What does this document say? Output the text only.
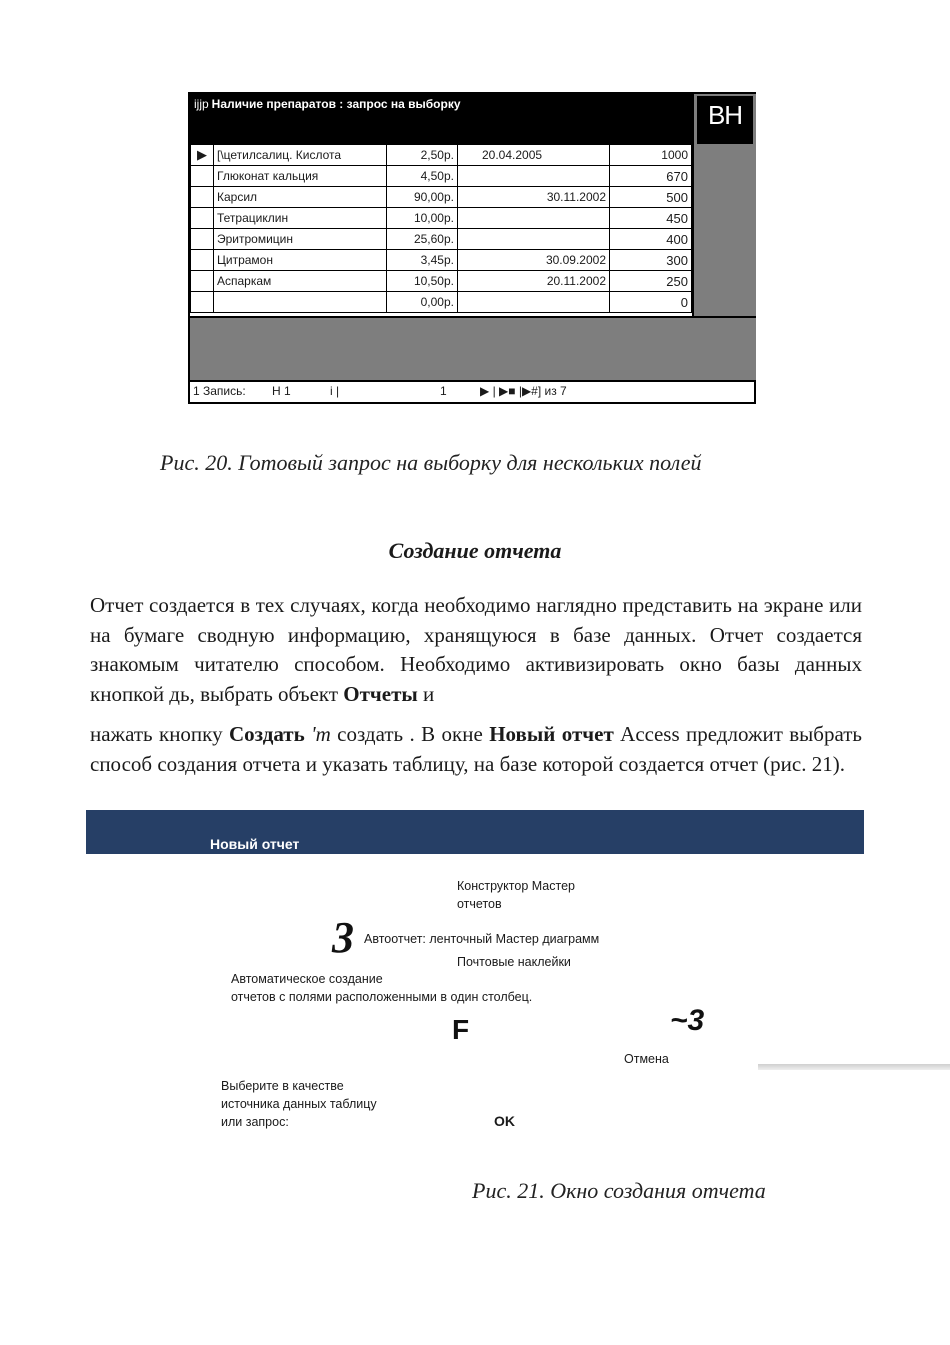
ijjp Наличие препаратов : запрос на выборку	ВН
▶	[\цетилсалиц. Кислота	2,50р.	20.04.2005	1000
	Глюконат кальция	4,50р.		670
	Карсил	90,00р.	30.11.2002	500
	Тетрациклин	10,00р.		450
	Эритромицин	25,60р.		400
	Цитрамон	3,45р.	30.09.2002	300
	Аспаркам	10,50р.	20.11.2002	250
		0,00р.		0
1 Запись: Н 1	і |	1	▶ | ▶■ |▶#] из 7
Рис. 20. Готовый запрос на выборку для нескольких полей
Создание отчета
Отчет создается в тех случаях, когда необходимо наглядно представить на экране или на бумаге сводную информацию, хранящуюся в базе данных. Отчет создается знакомым читателю способом. Необходимо активизировать окно базы данных кнопкой дь, выбрать объект Отчеты и
нажать кнопку Создать 'т создать . В окне Новый отчет Access предложит выбрать способ создания отчета и указать таблицу, на базе которой создается отчет (рис. 21).
Новый отчет
Конструктор Мастер
отчетов
3 Автоотчет: ленточный Мастер диаграмм
Почтовые наклейки
Автоматическое создание
отчетов с полями расположенными в один столбец.
F	~3
Отмена
Выберите в качестве
источника данных таблицу
или запрос:	OK
Рис. 21. Окно создания отчета
